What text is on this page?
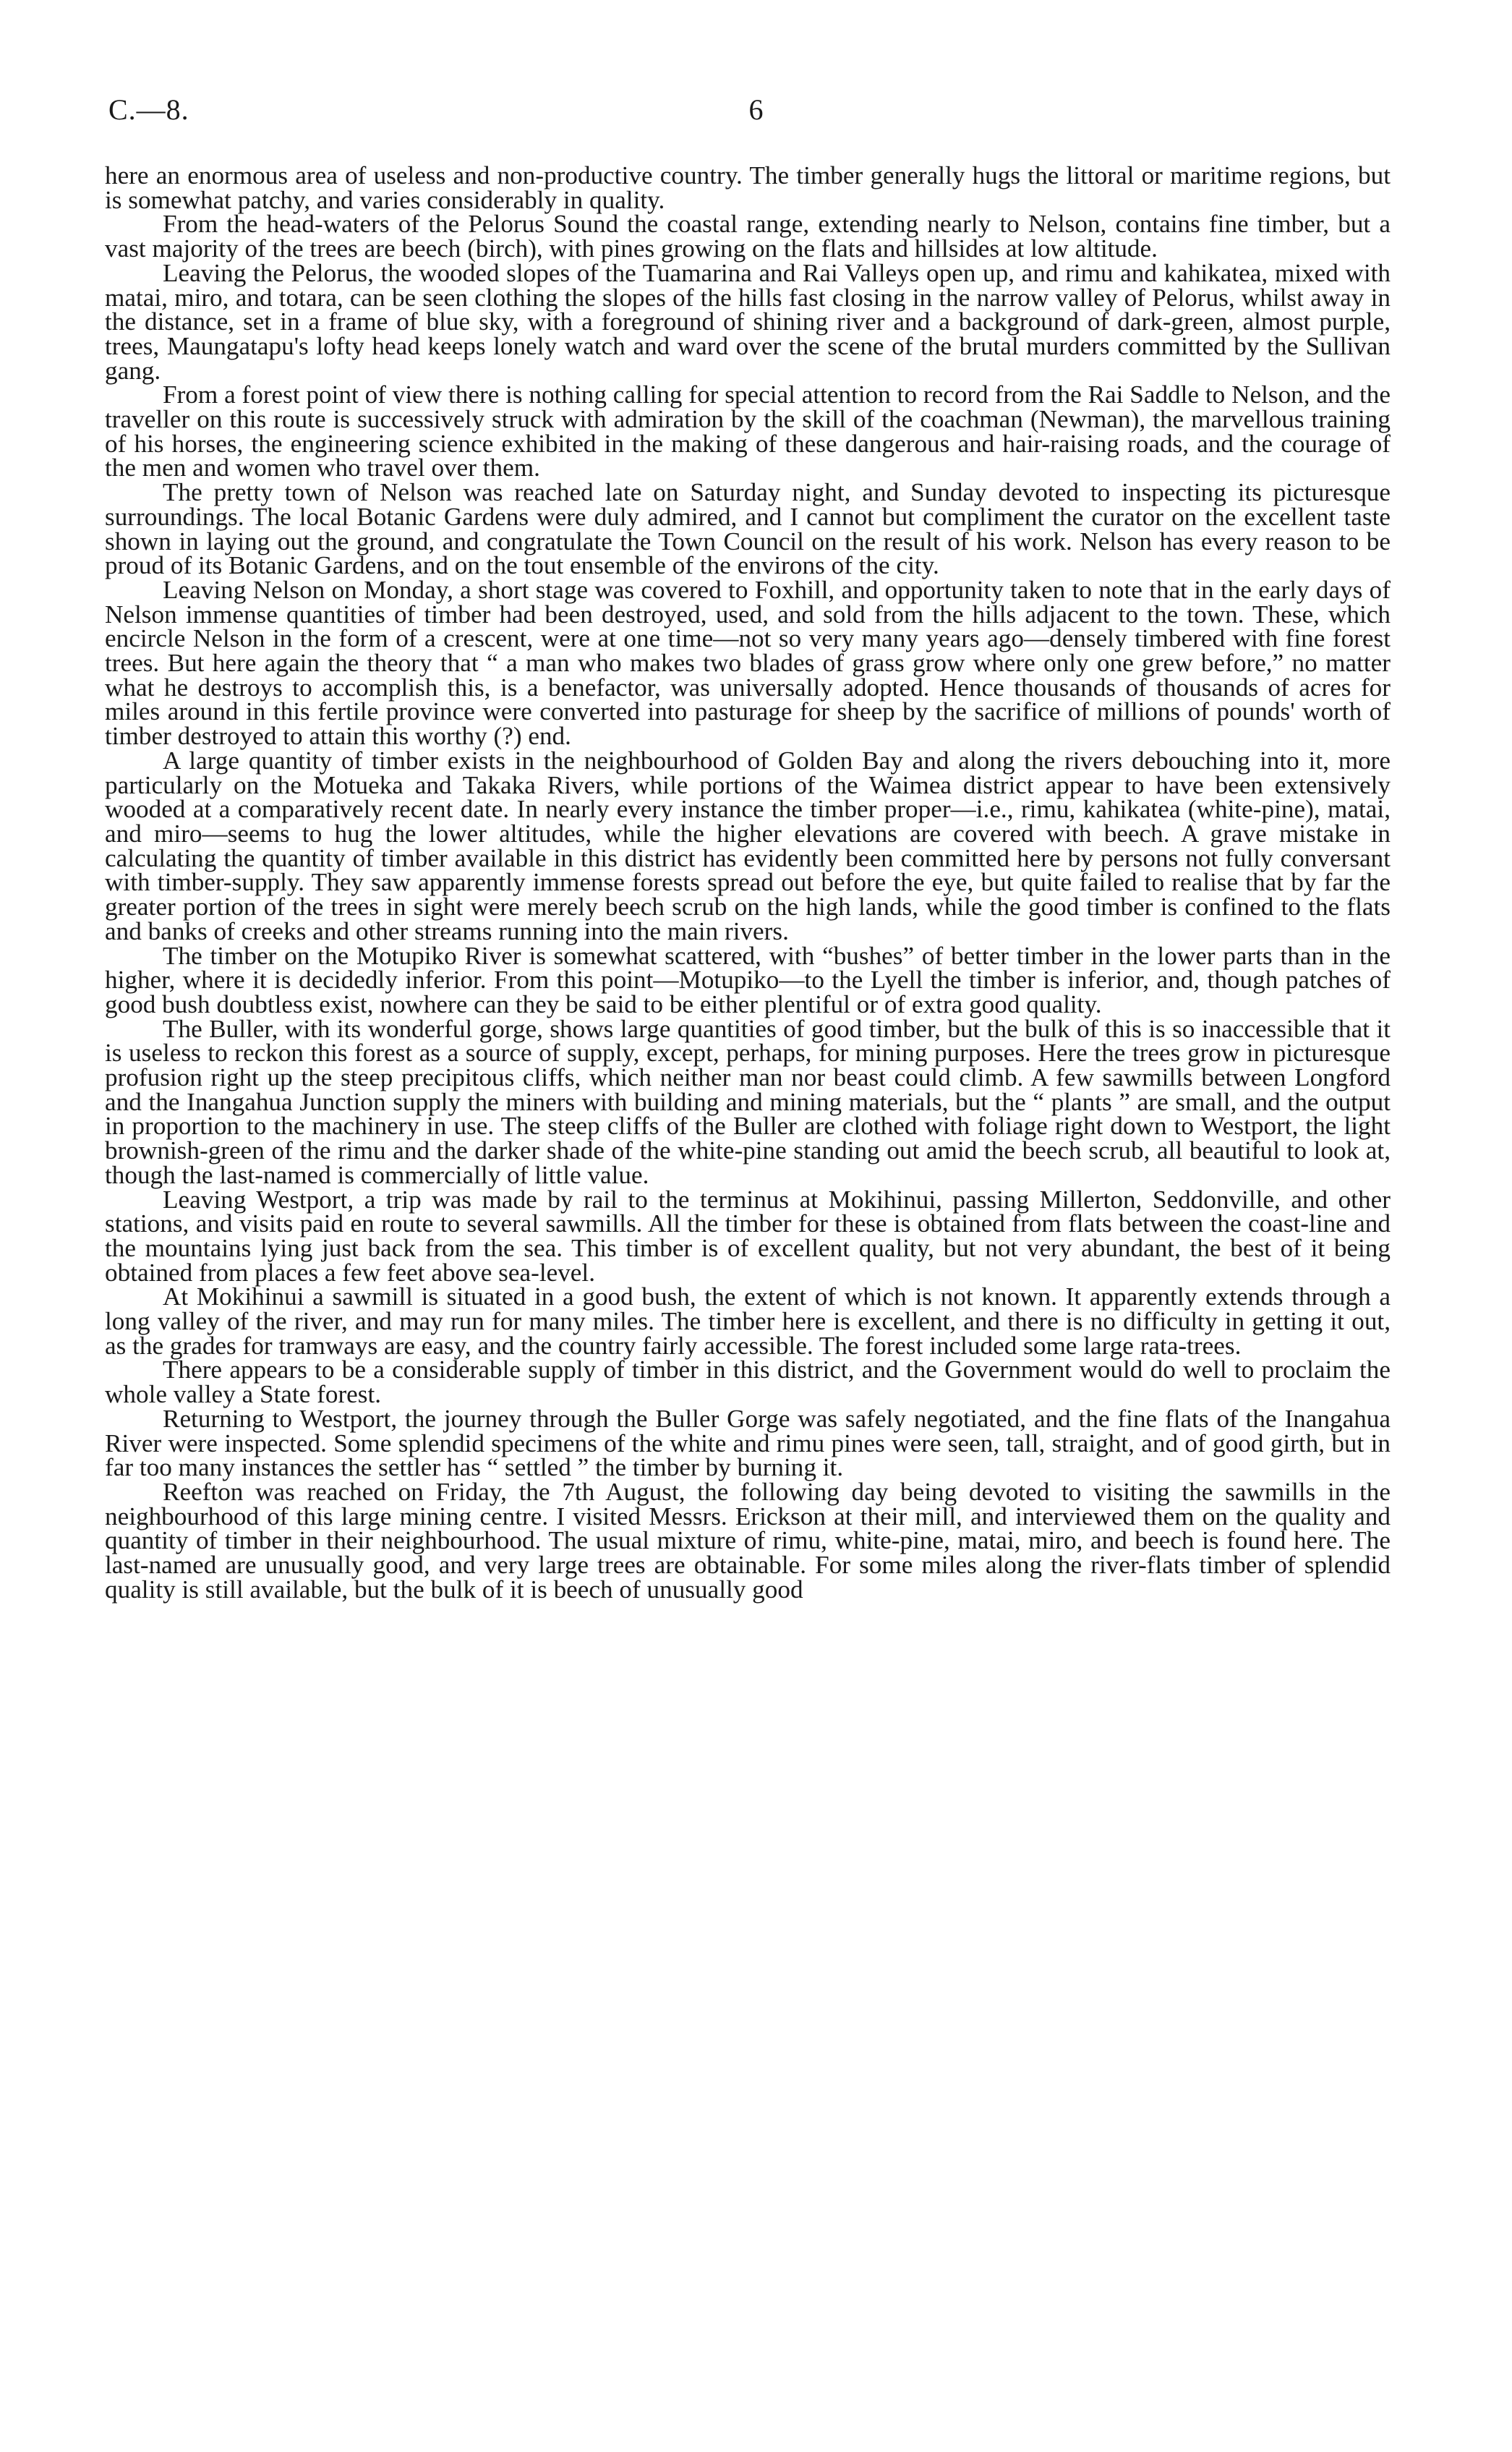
C.—8.	6

here an enormous area of useless and non-productive country. The timber generally hugs the littoral or maritime regions, but is somewhat patchy, and varies considerably in quality.

From the head-waters of the Pelorus Sound the coastal range, extending nearly to Nelson, contains fine timber, but a vast majority of the trees are beech (birch), with pines growing on the flats and hillsides at low altitude.

Leaving the Pelorus, the wooded slopes of the Tuamarina and Rai Valleys open up, and rimu and kahikatea, mixed with matai, miro, and totara, can be seen clothing the slopes of the hills fast closing in the narrow valley of Pelorus, whilst away in the distance, set in a frame of blue sky, with a foreground of shining river and a background of dark-green, almost purple, trees, Maungatapu's lofty head keeps lonely watch and ward over the scene of the brutal murders committed by the Sullivan gang.

From a forest point of view there is nothing calling for special attention to record from the Rai Saddle to Nelson, and the traveller on this route is successively struck with admiration by the skill of the coachman (Newman), the marvellous training of his horses, the engineering science exhibited in the making of these dangerous and hair-raising roads, and the courage of the men and women who travel over them.

The pretty town of Nelson was reached late on Saturday night, and Sunday devoted to inspecting its picturesque surroundings. The local Botanic Gardens were duly admired, and I cannot but compliment the curator on the excellent taste shown in laying out the ground, and congratulate the Town Council on the result of his work. Nelson has every reason to be proud of its Botanic Gardens, and on the tout ensemble of the environs of the city.

Leaving Nelson on Monday, a short stage was covered to Foxhill, and opportunity taken to note that in the early days of Nelson immense quantities of timber had been destroyed, used, and sold from the hills adjacent to the town. These, which encircle Nelson in the form of a crescent, were at one time—not so very many years ago—densely timbered with fine forest trees. But here again the theory that “ a man who makes two blades of grass grow where only one grew before,” no matter what he destroys to accomplish this, is a benefactor, was universally adopted. Hence thousands of thousands of acres for miles around in this fertile province were converted into pasturage for sheep by the sacrifice of millions of pounds' worth of timber destroyed to attain this worthy (?) end.

A large quantity of timber exists in the neighbourhood of Golden Bay and along the rivers debouching into it, more particularly on the Motueka and Takaka Rivers, while portions of the Waimea district appear to have been extensively wooded at a comparatively recent date. In nearly every instance the timber proper—i.e., rimu, kahikatea (white-pine), matai, and miro—seems to hug the lower altitudes, while the higher elevations are covered with beech. A grave mistake in calculating the quantity of timber available in this district has evidently been committed here by persons not fully conversant with timber-supply. They saw apparently immense forests spread out before the eye, but quite failed to realise that by far the greater portion of the trees in sight were merely beech scrub on the high lands, while the good timber is confined to the flats and banks of creeks and other streams running into the main rivers.

The timber on the Motupiko River is somewhat scattered, with “bushes” of better timber in the lower parts than in the higher, where it is decidedly inferior. From this point—Motupiko—to the Lyell the timber is inferior, and, though patches of good bush doubtless exist, nowhere can they be said to be either plentiful or of extra good quality.

The Buller, with its wonderful gorge, shows large quantities of good timber, but the bulk of this is so inaccessible that it is useless to reckon this forest as a source of supply, except, perhaps, for mining purposes. Here the trees grow in picturesque profusion right up the steep precipitous cliffs, which neither man nor beast could climb. A few sawmills between Longford and the Inangahua Junction supply the miners with building and mining materials, but the “ plants ” are small, and the output in proportion to the machinery in use. The steep cliffs of the Buller are clothed with foliage right down to Westport, the light brownish-green of the rimu and the darker shade of the white-pine standing out amid the beech scrub, all beautiful to look at, though the last-named is commercially of little value.

Leaving Westport, a trip was made by rail to the terminus at Mokihinui, passing Millerton, Seddonville, and other stations, and visits paid en route to several sawmills. All the timber for these is obtained from flats between the coast-line and the mountains lying just back from the sea. This timber is of excellent quality, but not very abundant, the best of it being obtained from places a few feet above sea-level.

At Mokihinui a sawmill is situated in a good bush, the extent of which is not known. It apparently extends through a long valley of the river, and may run for many miles. The timber here is excellent, and there is no difficulty in getting it out, as the grades for tramways are easy, and the country fairly accessible. The forest included some large rata-trees.

There appears to be a considerable supply of timber in this district, and the Government would do well to proclaim the whole valley a State forest.

Returning to Westport, the journey through the Buller Gorge was safely negotiated, and the fine flats of the Inangahua River were inspected. Some splendid specimens of the white and rimu pines were seen, tall, straight, and of good girth, but in far too many instances the settler has “ settled ” the timber by burning it.

Reefton was reached on Friday, the 7th August, the following day being devoted to visiting the sawmills in the neighbourhood of this large mining centre. I visited Messrs. Erickson at their mill, and interviewed them on the quality and quantity of timber in their neighbourhood. The usual mixture of rimu, white-pine, matai, miro, and beech is found here. The last-named are unusually good, and very large trees are obtainable. For some miles along the river-flats timber of splendid quality is still available, but the bulk of it is beech of unusually good
